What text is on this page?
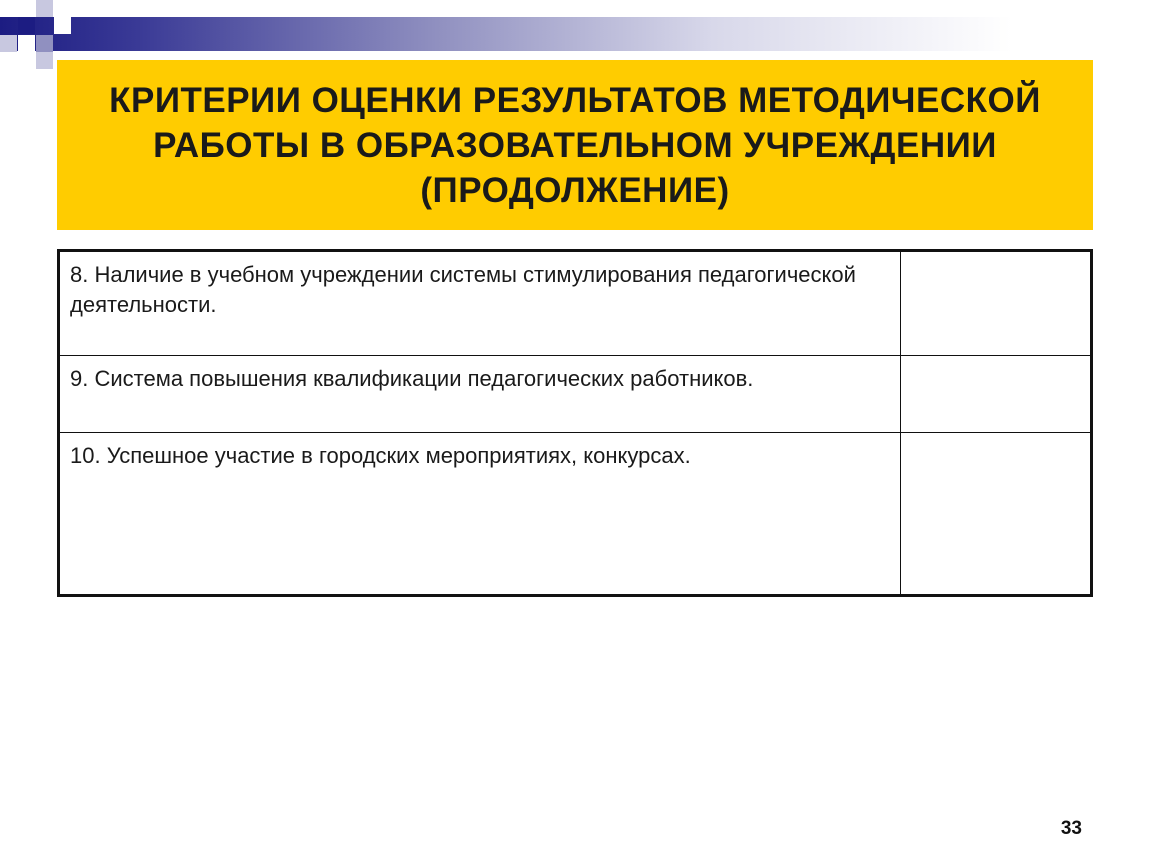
КРИТЕРИИ ОЦЕНКИ РЕЗУЛЬТАТОВ МЕТОДИЧЕСКОЙ
РАБОТЫ В ОБРАЗОВАТЕЛЬНОМ УЧРЕЖДЕНИИ
(ПРОДОЛЖЕНИЕ)
8. Наличие в учебном учреждении системы стимулирования педагогической деятельности.	
9. Система повышения квалификации педагогических работников.	
10. Успешное участие в городских мероприятиях, конкурсах.	
33
